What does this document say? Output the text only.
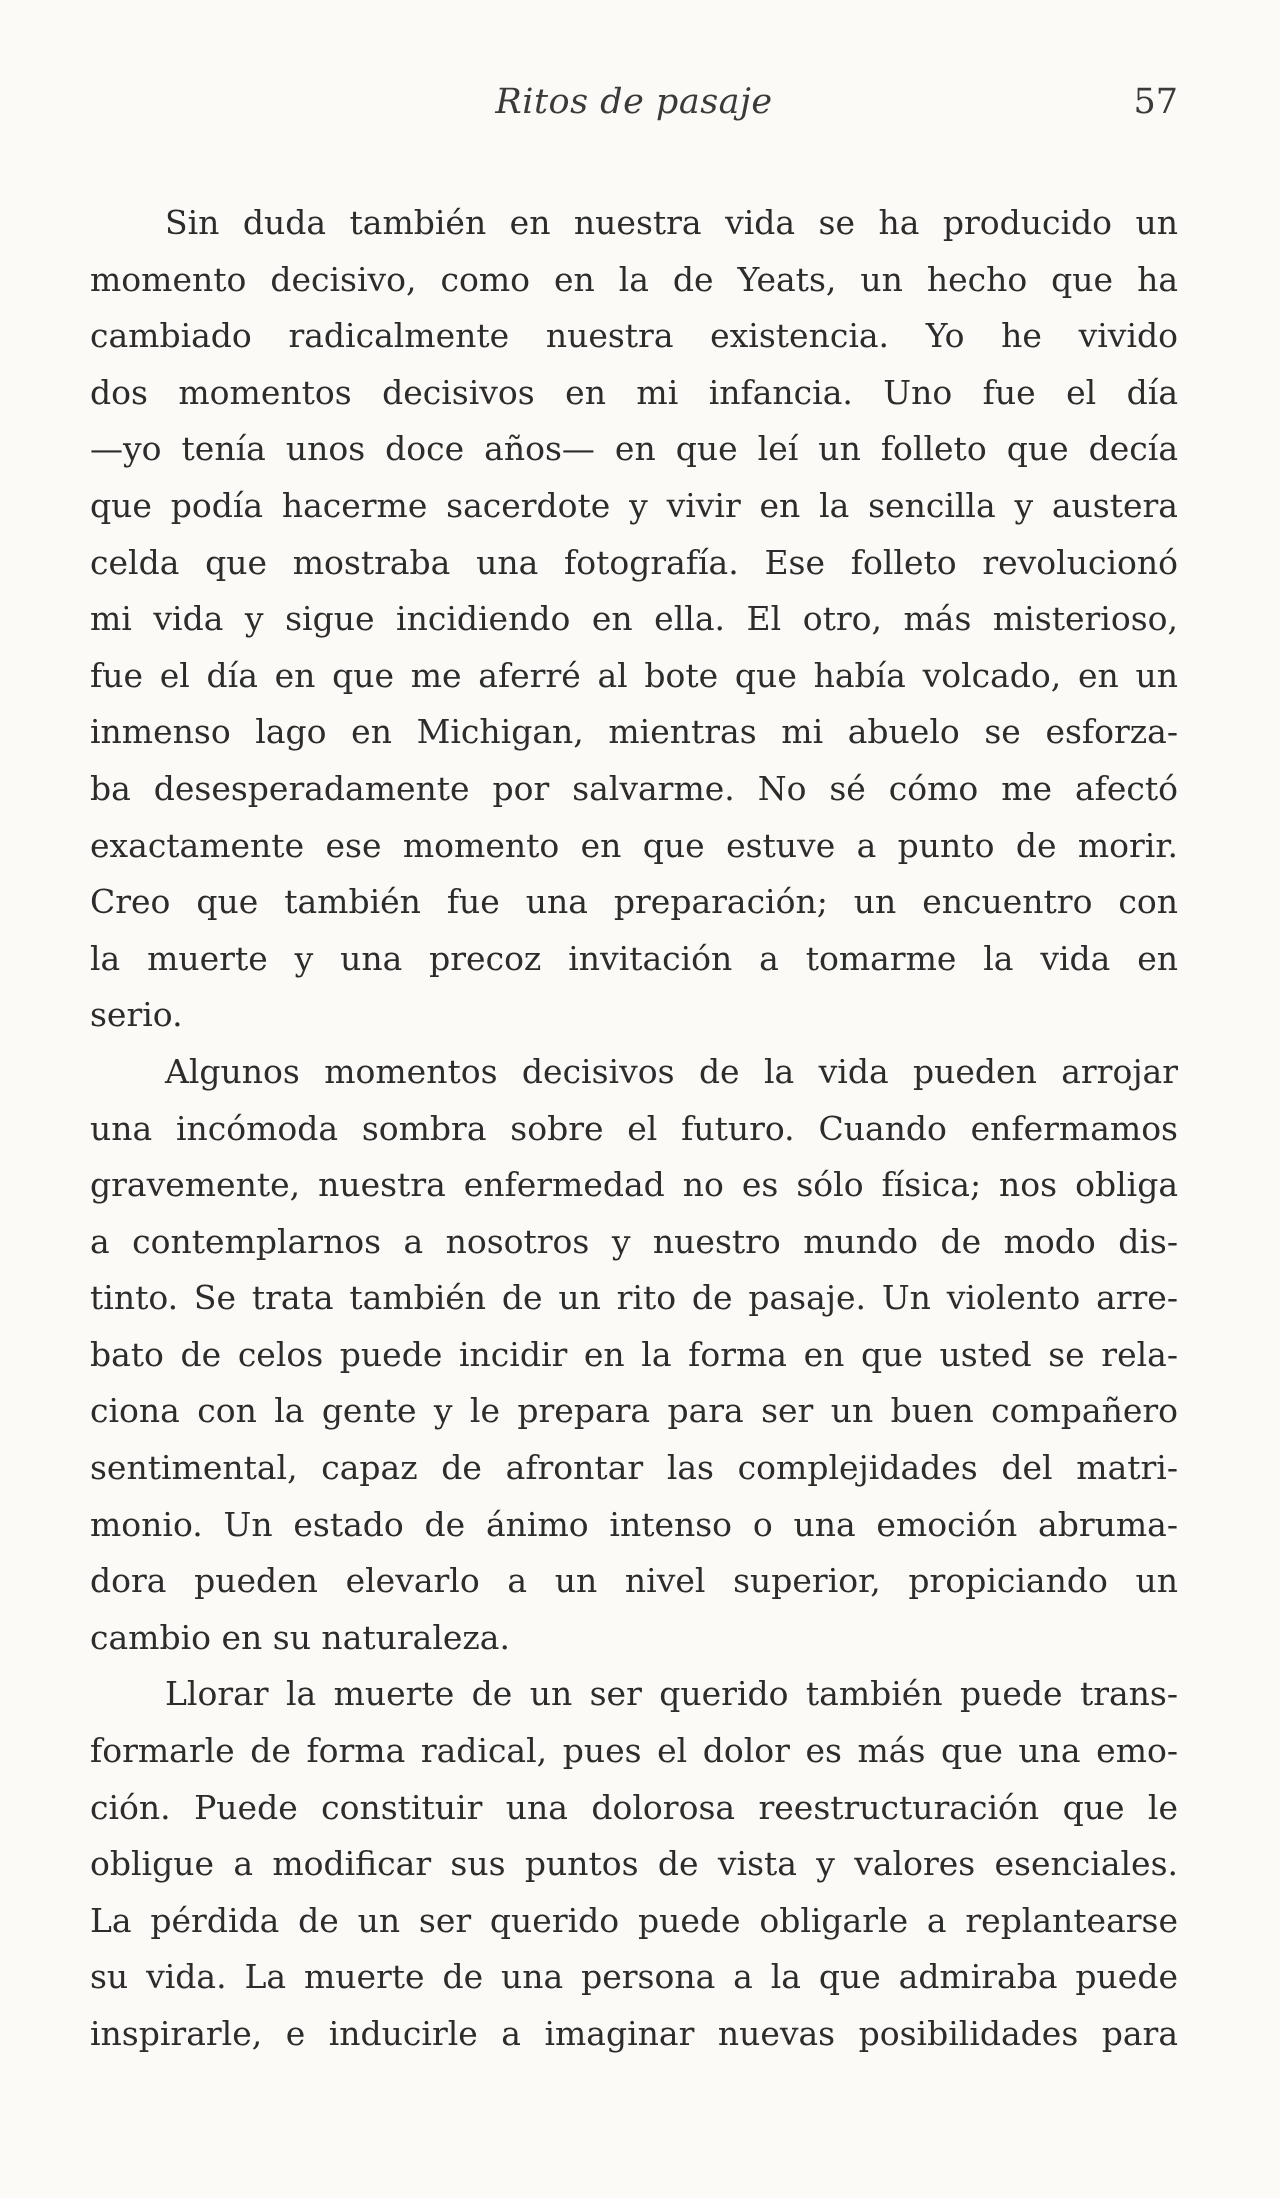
Ritos de pasaje	57
Sin duda también en nuestra vida se ha producido un
momento decisivo, como en la de Yeats, un hecho que ha
cambiado radicalmente nuestra existencia. Yo he vivido
dos momentos decisivos en mi infancia. Uno fue el día
—yo tenía unos doce años— en que leí un folleto que decía
que podía hacerme sacerdote y vivir en la sencilla y austera
celda que mostraba una fotografía. Ese folleto revolucionó
mi vida y sigue incidiendo en ella. El otro, más misterioso,
fue el día en que me aferré al bote que había volcado, en un
inmenso lago en Michigan, mientras mi abuelo se esforza-
ba desesperadamente por salvarme. No sé cómo me afectó
exactamente ese momento en que estuve a punto de morir.
Creo que también fue una preparación; un encuentro con
la muerte y una precoz invitación a tomarme la vida en
serio.
Algunos momentos decisivos de la vida pueden arrojar
una incómoda sombra sobre el futuro. Cuando enfermamos
gravemente, nuestra enfermedad no es sólo física; nos obliga
a contemplarnos a nosotros y nuestro mundo de modo dis-
tinto. Se trata también de un rito de pasaje. Un violento arre-
bato de celos puede incidir en la forma en que usted se rela-
ciona con la gente y le prepara para ser un buen compañero
sentimental, capaz de afrontar las complejidades del matri-
monio. Un estado de ánimo intenso o una emoción abruma-
dora pueden elevarlo a un nivel superior, propiciando un
cambio en su naturaleza.
Llorar la muerte de un ser querido también puede trans-
formarle de forma radical, pues el dolor es más que una emo-
ción. Puede constituir una dolorosa reestructuración que le
obligue a modificar sus puntos de vista y valores esenciales.
La pérdida de un ser querido puede obligarle a replantearse
su vida. La muerte de una persona a la que admiraba puede
inspirarle, e inducirle a imaginar nuevas posibilidades para
